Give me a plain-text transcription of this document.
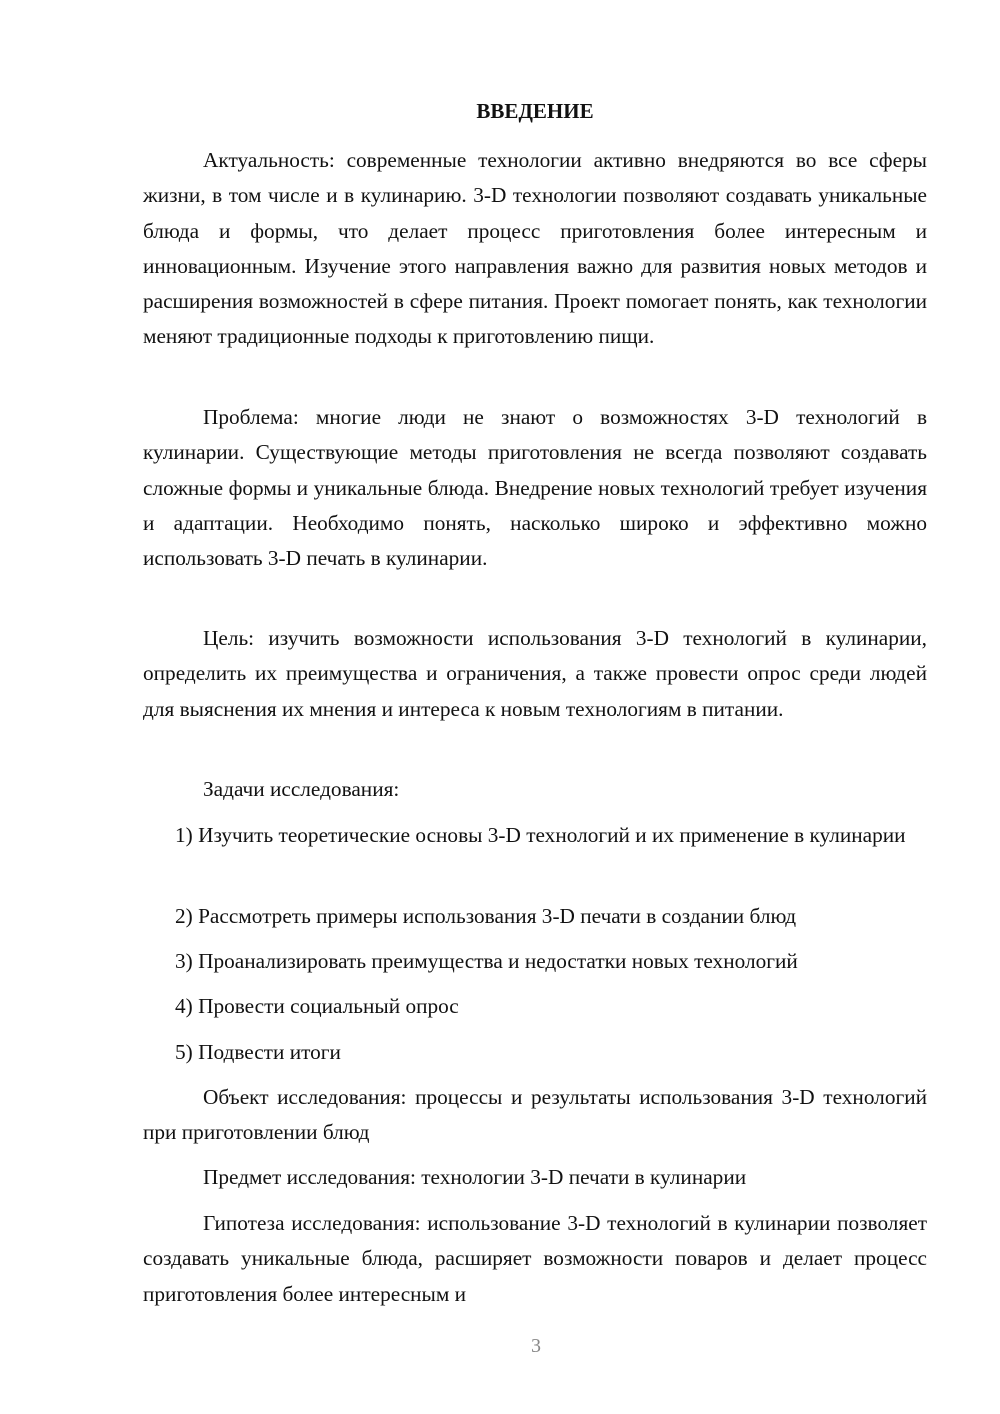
ВВЕДЕНИЕ

Актуальность: современные технологии активно внедряются во все сферы жизни, в том числе и в кулинарию. 3-D технологии позволяют создавать уникальные блюда и формы, что делает процесс приготовления более интересным и инновационным. Изучение этого направления важно для развития новых методов и расширения возможностей в сфере питания. Проект помогает понять, как технологии меняют традиционные подходы к приготовлению пищи.

Проблема: многие люди не знают о возможностях 3-D технологий в кулинарии. Существующие методы приготовления не всегда позволяют создавать сложные формы и уникальные блюда. Внедрение новых технологий требует изучения и адаптации. Необходимо понять, насколько широко и эффективно можно использовать 3-D печать в кулинарии.

Цель: изучить возможности использования 3-D технологий в кулинарии, определить их преимущества и ограничения, а также провести опрос среди людей для выяснения их мнения и интереса к новым технологиям в питании.

Задачи исследования:

1) Изучить теоретические основы 3-D технологий и их применение в кулинарии

2) Рассмотреть примеры использования 3-D печати в создании блюд

3) Проанализировать преимущества и недостатки новых технологий

4) Провести социальный опрос

5) Подвести итоги

Объект исследования: процессы и результаты использования 3-D технологий при приготовлении блюд

Предмет исследования: технологии 3-D печати в кулинарии

Гипотеза исследования: использование 3-D технологий в кулинарии позволяет создавать уникальные блюда, расширяет возможности поваров и делает процесс приготовления более интересным и

3
